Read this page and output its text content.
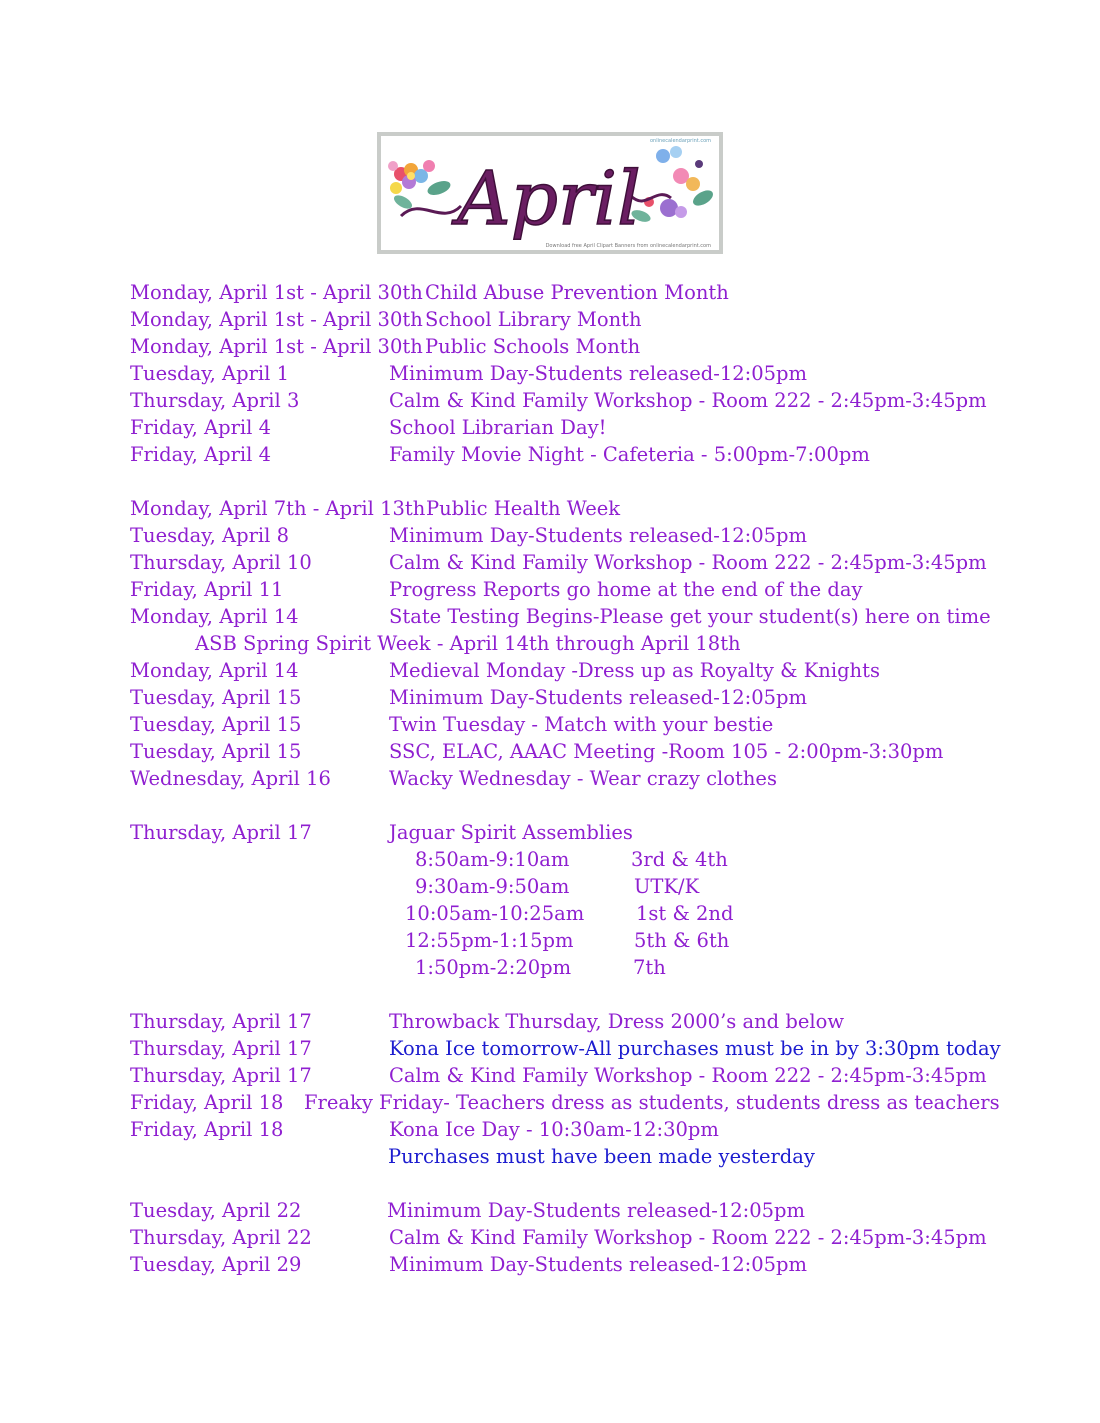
April
onlinecalendarprint.com
Download free April Clipart Banners from onlinecalendarprint.com
Monday, April 1st - April 30th Child Abuse Prevention Month
Monday, April 1st - April 30th School Library Month
Monday, April 1st - April 30th Public Schools Month
Tuesday, April 1	Minimum Day-Students released-12:05pm
Thursday, April 3	Calm & Kind Family Workshop - Room 222 - 2:45pm-3:45pm
Friday, April 4	School Librarian Day!
Friday, April 4	Family Movie Night - Cafeteria - 5:00pm-7:00pm
Monday, April 7th - April 13th Public Health Week
Tuesday, April 8	Minimum Day-Students released-12:05pm
Thursday, April 10	Calm & Kind Family Workshop - Room 222 - 2:45pm-3:45pm
Friday, April 11	Progress Reports go home at the end of the day
Monday, April 14	State Testing Begins-Please get your student(s) here on time
ASB Spring Spirit Week - April 14th through April 18th
Monday, April 14	Medieval Monday -Dress up as Royalty & Knights
Tuesday, April 15	Minimum Day-Students released-12:05pm
Tuesday, April 15	Twin Tuesday - Match with your bestie
Tuesday, April 15	SSC, ELAC, AAAC Meeting -Room 105 - 2:00pm-3:30pm
Wednesday, April 16	Wacky Wednesday - Wear crazy clothes
Thursday, April 17	Jaguar Spirit Assemblies
8:50am-9:10am	3rd & 4th
9:30am-9:50am	UTK/K
10:05am-10:25am	1st & 2nd
12:55pm-1:15pm	5th & 6th
1:50pm-2:20pm	7th
Thursday, April 17	Throwback Thursday, Dress 2000’s and below
Thursday, April 17	Kona Ice tomorrow-All purchases must be in by 3:30pm today
Thursday, April 17	Calm & Kind Family Workshop - Room 222 - 2:45pm-3:45pm
Friday, April 18 Freaky Friday- Teachers dress as students, students dress as teachers
Friday, April 18	Kona Ice Day - 10:30am-12:30pm
Purchases must have been made yesterday
Tuesday, April 22	Minimum Day-Students released-12:05pm
Thursday, April 22	Calm & Kind Family Workshop - Room 222 - 2:45pm-3:45pm
Tuesday, April 29	Minimum Day-Students released-12:05pm
